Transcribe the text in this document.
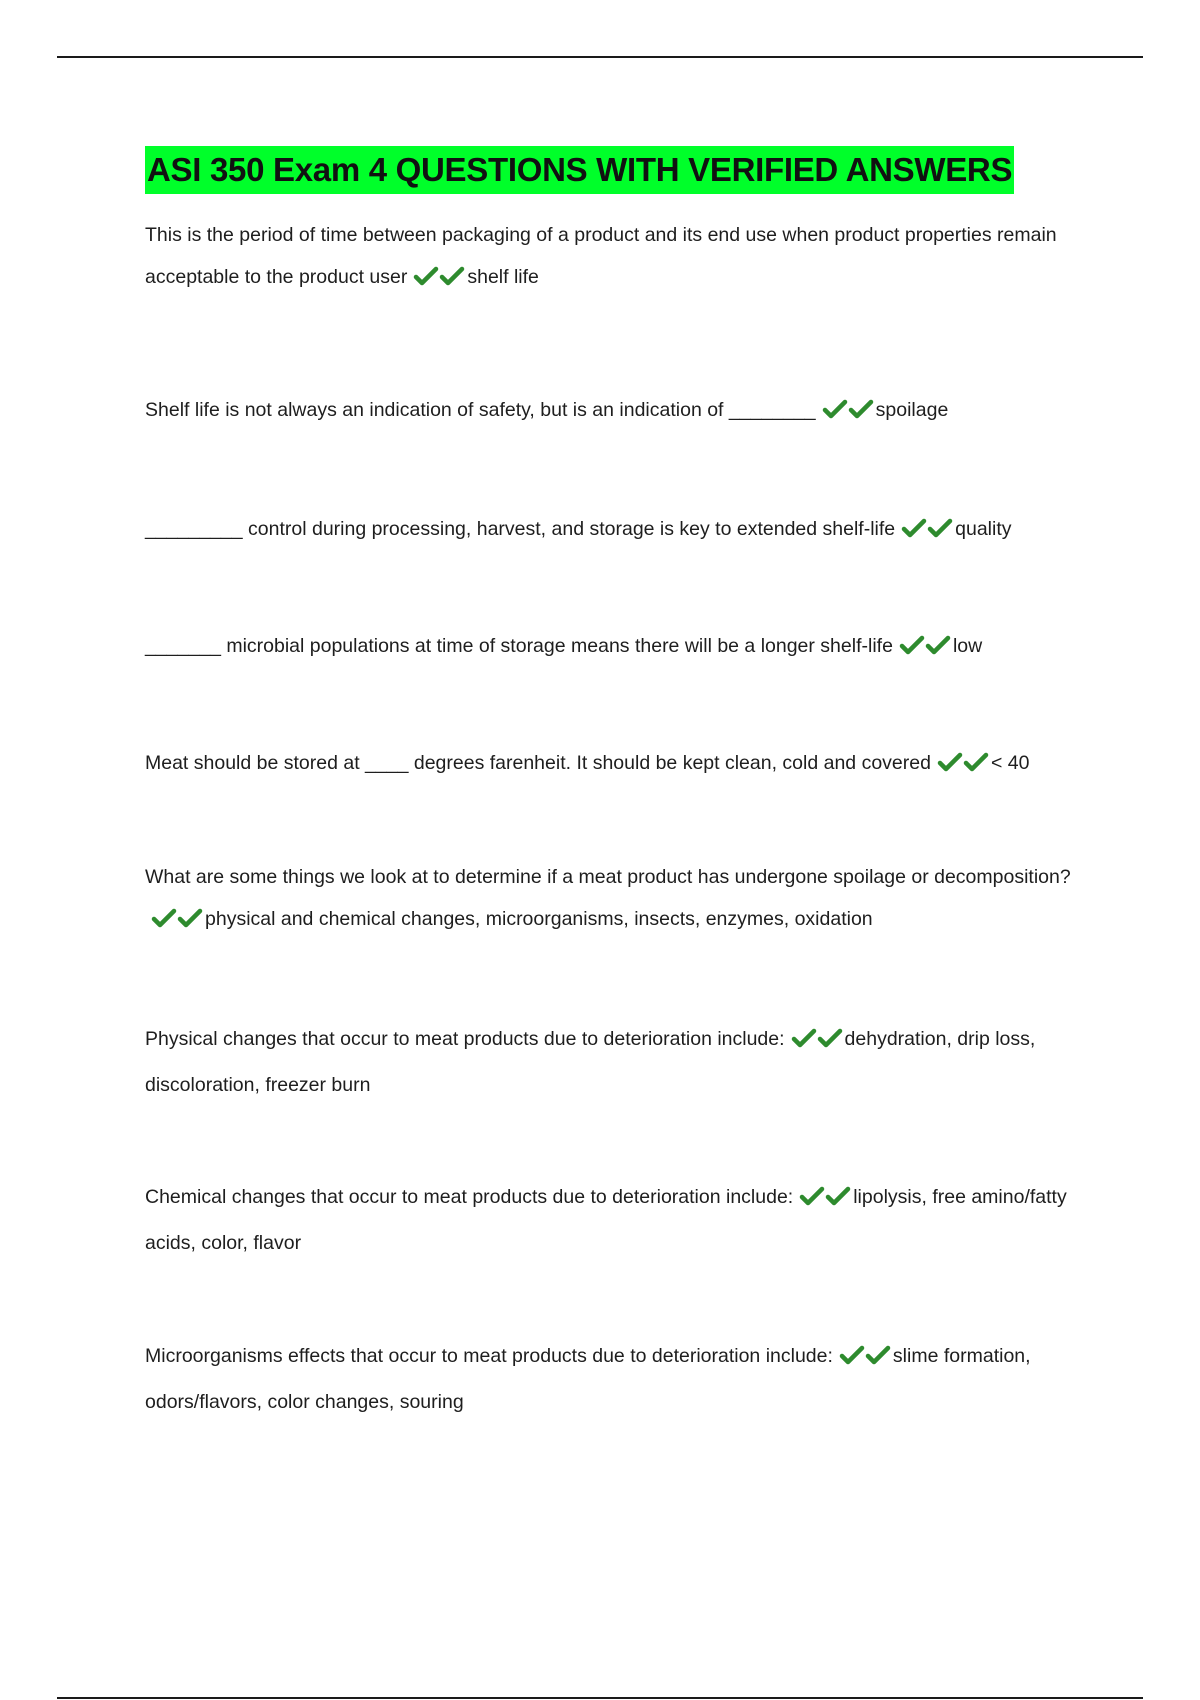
ASI 350 Exam 4 QUESTIONS WITH VERIFIED ANSWERS
This is the period of time between packaging of a product and its end use when product properties remain acceptable to the product user	shelf life
Shelf life is not always an indication of safety, but is an indication of ________	spoilage
_________ control during processing, harvest, and storage is key to extended shelf-life	quality
_______ microbial populations at time of storage means there will be a longer shelf-life	low
Meat should be stored at ____ degrees farenheit. It should be kept clean, cold and covered	< 40
What are some things we look at to determine if a meat product has undergone spoilage or decomposition?physical and chemical changes, microorganisms, insects, enzymes, oxidation
Physical changes that occur to meat products due to deterioration include:	dehydration, drip loss, discoloration, freezer burn
Chemical changes that occur to meat products due to deterioration include:	lipolysis, free amino/fatty acids, color, flavor
Microorganisms effects that occur to meat products due to deterioration include:	slime formation, odors/flavors, color changes, souring
